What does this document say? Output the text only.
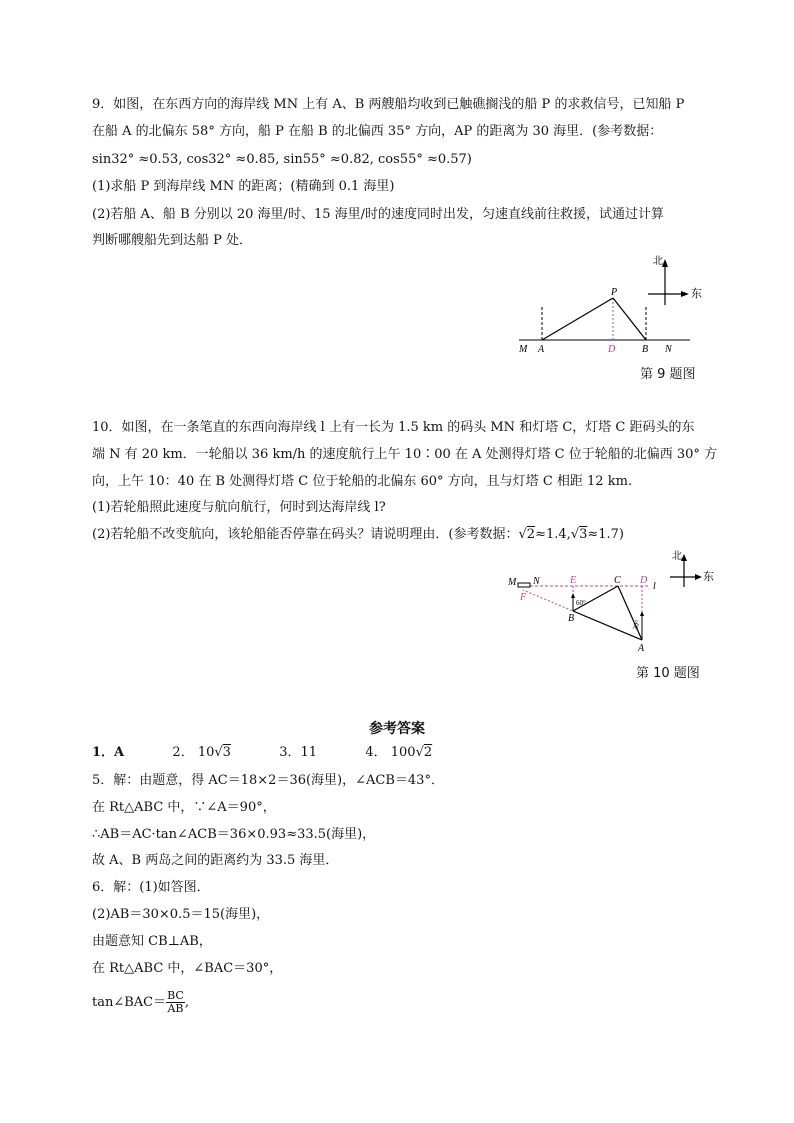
9．如图，在东西方向的海岸线 MN 上有 A、B 两艘船均收到已触礁搁浅的船 P 的求救信号，已知船 P
在船 A 的北偏东 58° 方向，船 P 在船 B 的北偏西 35° 方向，AP 的距离为 30 海里．(参考数据：
sin32° ≈0.53, cos32° ≈0.85, sin55° ≈0.82, cos55° ≈0.57)
(1)求船 P 到海岸线 MN 的距离；(精确到 0.1 海里)
(2)若船 A、船 B 分别以 20 海里/时、15 海里/时的速度同时出发，匀速直线前往救援，试通过计算
判断哪艘船先到达船 P 处．
北
东
M A	D	B N
P
第 9 题图
10．如图，在一条笔直的东西向海岸线 l 上有一长为 1.5 km 的码头 MN 和灯塔 C，灯塔 C 距码头的东
端 N 有 20 km．一轮船以 36 km/h 的速度航行上午 10∶00 在 A 处测得灯塔 C 位于轮船的北偏西 30° 方
向，上午 10：40 在 B 处测得灯塔 C 位于轮船的北偏东 60° 方向，且与灯塔 C 相距 12 km.
(1)若轮船照此速度与航向航行，何时到达海岸线 l?
(2)若轮船不改变航向，该轮船能否停靠在码头？请说明理由．(参考数据：√2≈1.4,√3≈1.7)
北
东
M N	E	C D
l
F
B
A
60°
30°
第 10 题图
参考答案
1．A	2． 10√3	3．11	4． 100√2
5．解：由题意，得 AC＝18×2＝36(海里)，∠ACB＝43°．
在 Rt△ABC 中，∵∠A＝90°，
∴AB＝AC·tan∠ACB＝36×0.93≈33.5(海里)，
故 A、B 两岛之间的距离约为 33.5 海里．
6．解：(1)如答图．
(2)AB＝30×0.5＝15(海里)，
由题意知 CB⊥AB，
在 Rt△ABC 中，∠BAC＝30°，
tan∠BAC＝ $\frac{BC}{AB}$ ,
